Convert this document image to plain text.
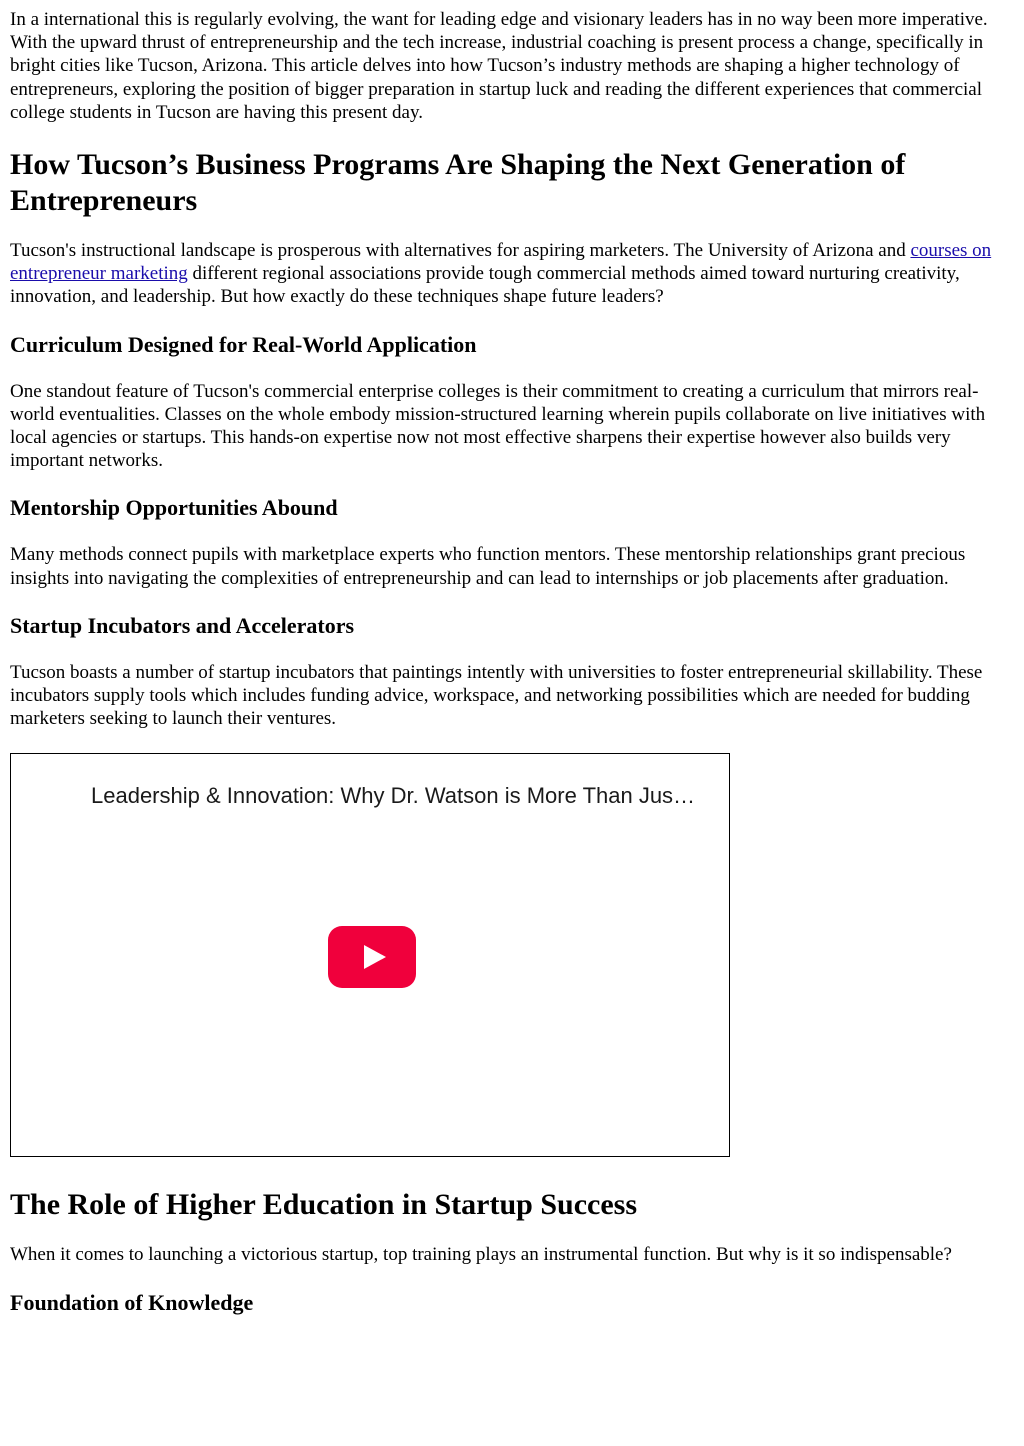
In a international this is regularly evolving, the want for leading edge and visionary leaders has in no way been more imperative. With the upward thrust of entrepreneurship and the tech increase, industrial coaching is present process a change, specifically in bright cities like Tucson, Arizona. This article delves into how Tucson’s industry methods are shaping a higher technology of entrepreneurs, exploring the position of bigger preparation in startup luck and reading the different experiences that commercial college students in Tucson are having this present day.

How Tucson’s Business Programs Are Shaping the Next Generation of Entrepreneurs

Tucson's instructional landscape is prosperous with alternatives for aspiring marketers. The University of Arizona and courses on entrepreneur marketing different regional associations provide tough commercial methods aimed toward nurturing creativity, innovation, and leadership. But how exactly do these techniques shape future leaders?

Curriculum Designed for Real-World Application

One standout feature of Tucson's commercial enterprise colleges is their commitment to creating a curriculum that mirrors real-world eventualities. Classes on the whole embody mission-structured learning wherein pupils collaborate on live initiatives with local agencies or startups. This hands-on expertise now not most effective sharpens their expertise however also builds very important networks.

Mentorship Opportunities Abound

Many methods connect pupils with marketplace experts who function mentors. These mentorship relationships grant precious insights into navigating the complexities of entrepreneurship and can lead to internships or job placements after graduation.

Startup Incubators and Accelerators

Tucson boasts a number of startup incubators that paintings intently with universities to foster entrepreneurial skillability. These incubators supply tools which includes funding advice, workspace, and networking possibilities which are needed for budding marketers seeking to launch their ventures.

Leadership & Innovation: Why Dr. Watson is More Than Jus…
The Role of Higher Education in Startup Success

When it comes to launching a victorious startup, top training plays an instrumental function. But why is it so indispensable?

Foundation of Knowledge
